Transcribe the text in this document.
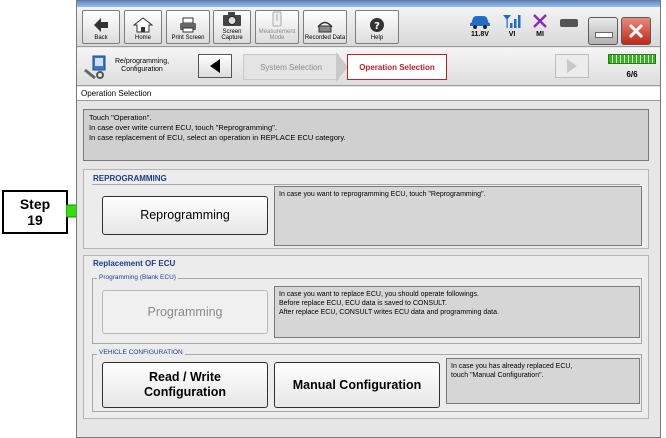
Step
19
Back	Home	Print Screen
Screen Capture
Measurement Mode	Recorded Data
?
Help	11.8V	VI	MI
Re/programming,
Configuration	System Selection	Operation Selection
6/6
Operation Selection
Touch "Operation".
In case over write current ECU, touch "Reprogramming".
In case replacement of ECU, select an operation in REPLACE ECU category.
REPROGRAMMING
Reprogramming
In case you want to reprogramming ECU, touch "Reprogramming".
Replacement OF ECU
Programming (Blank ECU)
Programming
In case you want to replace ECU, you should operate followings.
Before replace ECU, ECU data is saved to CONSULT.
After replace ECU, CONSULT writes ECU data and programming data.
VEHICLE CONFIGURATION
Read / Write
Configuration
Manual Configuration
In case you has already replaced ECU,
touch "Manual Configuration".
